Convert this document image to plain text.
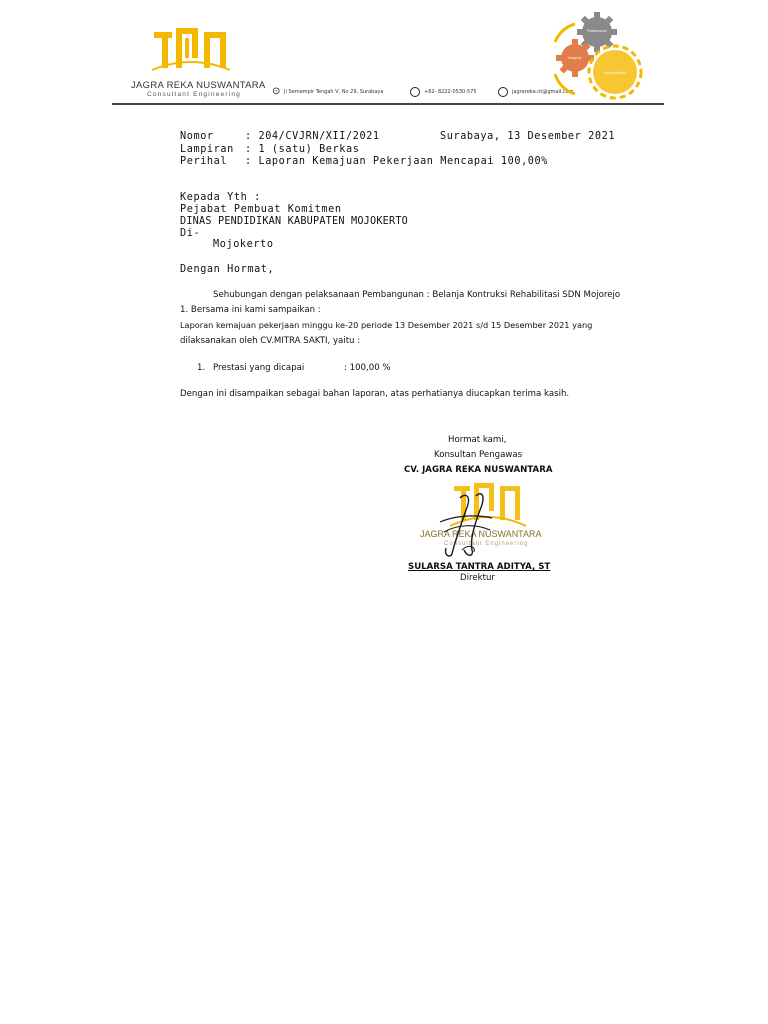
JAGRA REKA NUSWANTARA
Consultant Engineering	⊙ Jl Semampir Tengah V, No 29, Surabaya	+62- 8222-0530-575	jagrareka.nt@gmail.com
Professional
Integrity
Accountability
Nomor	: 204/CVJRN/XII/2021	Surabaya, 13 Desember 2021
Lampiran : 1 (satu) Berkas
Perihal : Laporan Kemajuan Pekerjaan Mencapai 100,00%
Kepada Yth :
Pejabat Pembuat Komitmen
DINAS PENDIDIKAN KABUPATEN MOJOKERTO
Di-
Mojokerto
Dengan Hormat,
Sehubungan dengan pelaksanaan Pembangunan : Belanja Kontruksi Rehabilitasi SDN Mojorejo
1. Bersama ini kami sampaikan :
Laporan kemajuan pekerjaan minggu ke-20 periode 13 Desember 2021 s/d 15 Desember 2021 yang
dilaksanakan oleh CV.MITRA SAKTI, yaitu :
1. Prestasi yang dicapai	: 100,00 %
Dengan ini disampaikan sebagai bahan laporan, atas perhatianya diucapkan terima kasih.
Hormat kami,
Konsultan Pengawas
CV. JAGRA REKA NUSWANTARA
JAGRA REKA NUSWANTARA
Consultant Engineering
SULARSA TANTRA ADITYA, ST
Direktur
